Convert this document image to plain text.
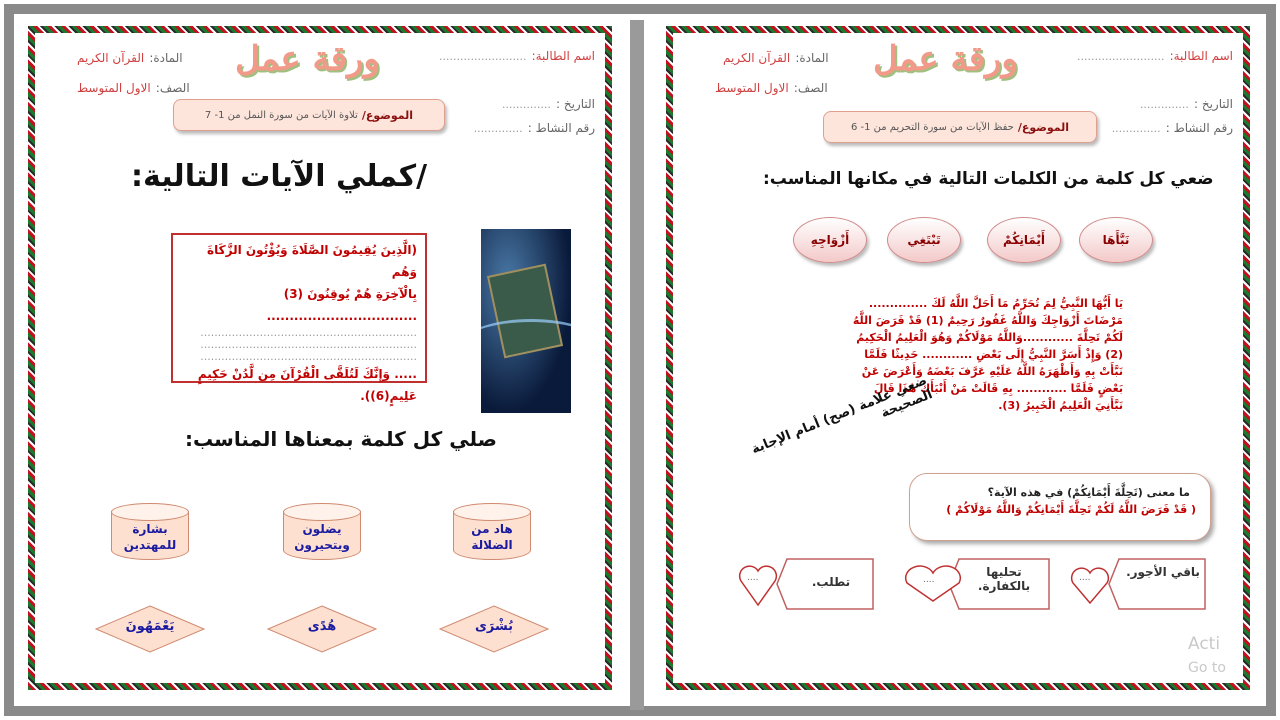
اسم الطالبة: .........................
ورقة عمل
المادة: القرآن الكريم
الصف: الاول المتوسط
التاريخ : ..............
رقم النشاط : ..............
الموضوع/
تلاوة الآيات من سورة النمل من 1- 7
/كملي الآيات التالية:
(الَّذِينَ يُقِيمُونَ الصَّلَاةَ وَيُؤْتُونَ الزَّكَاةَ وَهُم
بِالْآخِرَةِ هُمْ يُوقِنُونَ (3) .................................
..............................................................
..............................................................
..............................................................
..... وَإِنَّكَ لَتُلَقَّى الْقُرْآنَ مِن لَّدُنْ حَكِيمٍ
عَلِيمٍ(6)).
صلي كل كلمة بمعناها المناسب:
هاد من الضلالة
يضلون ويتحيرون
بشارة للمهتدين
بُشْرَى
هُدًى
يَعْمَهُونَ
اسم الطالبة: .........................
ورقة عمل
المادة: القرآن الكريم
الصف: الاول المتوسط
التاريخ : ..............
رقم النشاط : ..............
الموضوع/
حفظ الآيات من سورة التحريم من 1- 6
ضعي كل كلمة من الكلمات التالية في مكانها المناسب:
نَبَّأَهَا
أَيْمَانِكُمْ
تَبْتَغِي
أَزْوَاجِهِ
يَا أَيُّهَا النَّبِيُّ لِمَ تُحَرِّمُ مَا أَحَلَّ اللَّهُ لَكَ ..............
مَرْضَاتَ أَزْوَاجِكَ وَاللَّهُ غَفُورٌ رَحِيمٌ (1) قَدْ فَرَضَ اللَّهُ
لَكُمْ تَحِلَّةَ ............وَاللَّهُ مَوْلَاكُمْ وَهُوَ الْعَلِيمُ الْحَكِيمُ
(2) وَإِذْ أَسَرَّ النَّبِيُّ إِلَى بَعْضِ ............ حَدِيثًا فَلَمَّا
نَبَّأَتْ بِهِ وَأَظْهَرَهُ اللَّهُ عَلَيْهِ عَرَّفَ بَعْضَهُ وَأَعْرَضَ عَنْ
بَعْضٍ فَلَمَّا ............ بِهِ قَالَتْ مَنْ أَنْبَأَكَ هَٰذَا قَالَ
نَبَّأَنِيَ الْعَلِيمُ الْخَبِيرُ (3).
ضعي علامة (صح) أمام الإجابة الصحيحة
ما معنى (تَحِلَّةَ أَيْمَانِكُمْ) في هذه الآية؟
( قَدْ فَرَضَ اللَّهُ لَكُمْ تَحِلَّةَ أَيْمَانِكُمْ وَاللَّهُ مَوْلَاكُمْ )
باقي الأجور.
....
تحليها بالكفارة.
....
تطلب.
....
Acti
Go to
